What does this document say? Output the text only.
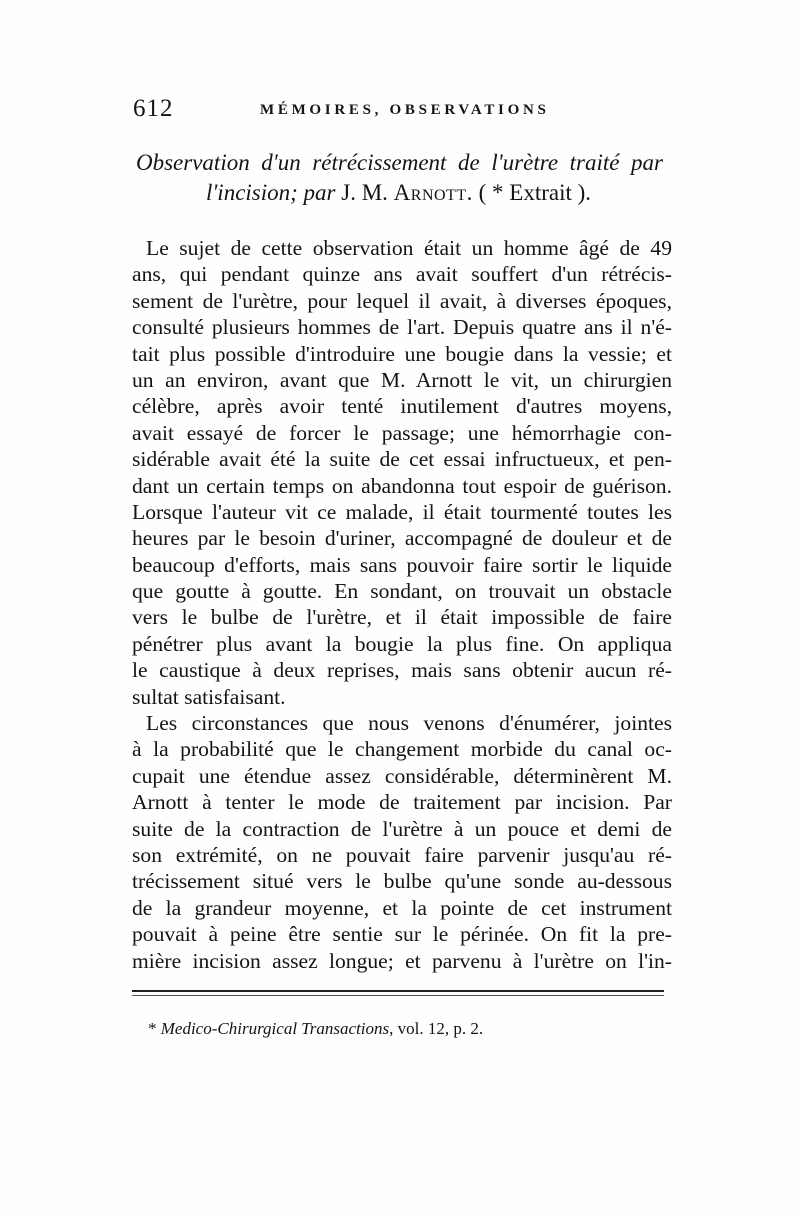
612	MÉMOIRES, OBSERVATIONS
Observation d'un rétrécissement de l'urètre traité par
l'incision; par J. M. Arnott. ( * Extrait ).
Le sujet de cette observation était un homme âgé de 49
ans, qui pendant quinze ans avait souffert d'un rétrécis-
sement de l'urètre, pour lequel il avait, à diverses époques,
consulté plusieurs hommes de l'art. Depuis quatre ans il n'é-
tait plus possible d'introduire une bougie dans la vessie; et
un an environ, avant que M. Arnott le vit, un chirurgien
célèbre, après avoir tenté inutilement d'autres moyens,
avait essayé de forcer le passage; une hémorrhagie con-
sidérable avait été la suite de cet essai infructueux, et pen-
dant un certain temps on abandonna tout espoir de guérison.
Lorsque l'auteur vit ce malade, il était tourmenté toutes les
heures par le besoin d'uriner, accompagné de douleur et de
beaucoup d'efforts, mais sans pouvoir faire sortir le liquide
que goutte à goutte. En sondant, on trouvait un obstacle
vers le bulbe de l'urètre, et il était impossible de faire
pénétrer plus avant la bougie la plus fine. On appliqua
le caustique à deux reprises, mais sans obtenir aucun ré-
sultat satisfaisant.
Les circonstances que nous venons d'énumérer, jointes
à la probabilité que le changement morbide du canal oc-
cupait une étendue assez considérable, déterminèrent M.
Arnott à tenter le mode de traitement par incision. Par
suite de la contraction de l'urètre à un pouce et demi de
son extrémité, on ne pouvait faire parvenir jusqu'au ré-
trécissement situé vers le bulbe qu'une sonde au-dessous
de la grandeur moyenne, et la pointe de cet instrument
pouvait à peine être sentie sur le périnée. On fit la pre-
mière incision assez longue; et parvenu à l'urètre on l'in-
* Medico-Chirurgical Transactions, vol. 12, p. 2.
